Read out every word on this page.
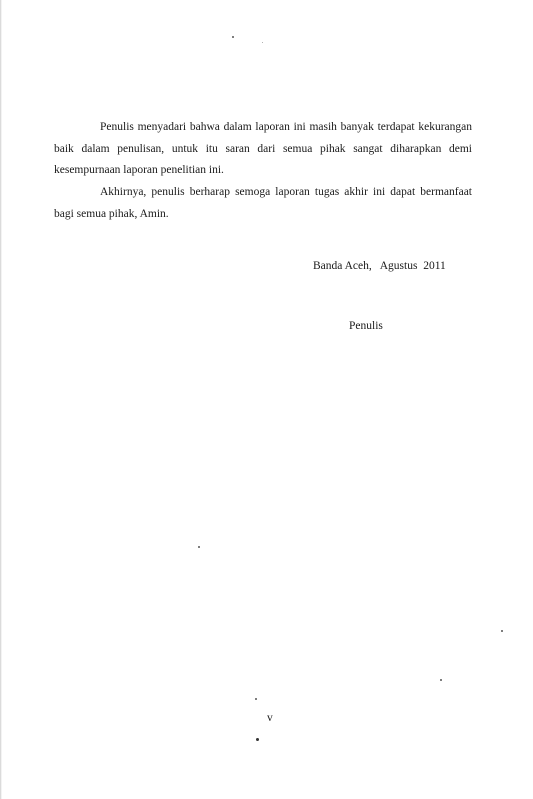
Penulis menyadari bahwa dalam laporan ini masih banyak terdapat kekurangan baik dalam penulisan, untuk itu saran dari semua pihak sangat diharapkan demi kesempurnaan laporan penelitian ini.

Akhirnya, penulis berharap semoga laporan tugas akhir ini dapat bermanfaat bagi semua pihak, Amin.

Banda Aceh,   Agustus  2011
Penulis
v
